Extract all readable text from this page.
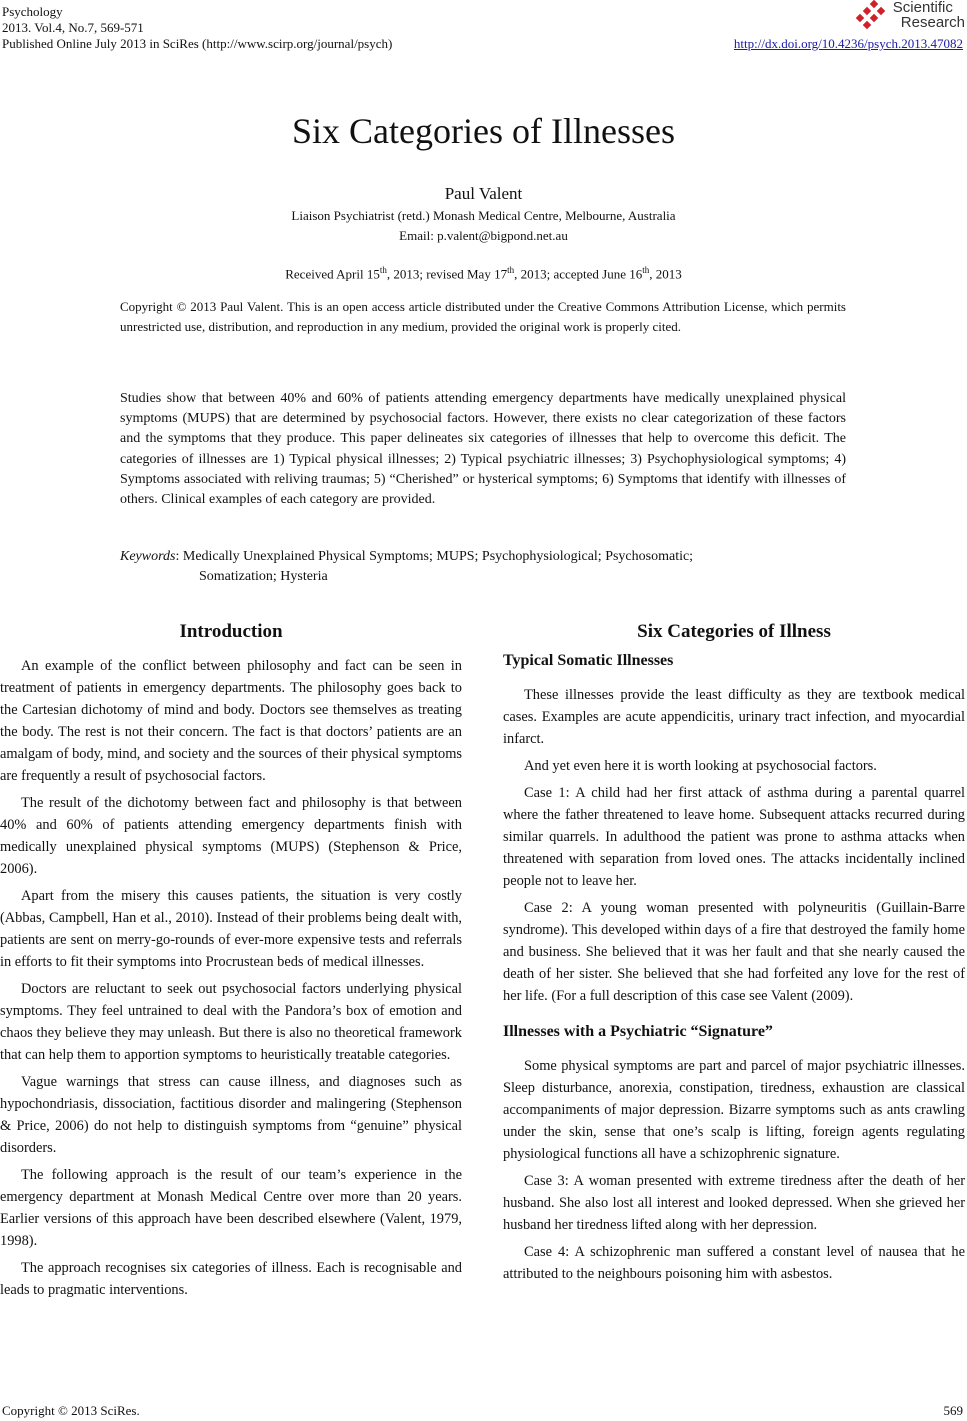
Psychology
2013. Vol.4, No.7, 569-571
Published Online July 2013 in SciRes (http://www.scirp.org/journal/psych)	http://dx.doi.org/10.4236/psych.2013.47082
Scientific
Research
Six Categories of Illnesses
Paul Valent
Liaison Psychiatrist (retd.) Monash Medical Centre, Melbourne, Australia
Email: p.valent@bigpond.net.au
Received April 15th, 2013; revised May 17th, 2013; accepted June 16th, 2013
Copyright © 2013 Paul Valent. This is an open access article distributed under the Creative Commons Attribution License, which permits unrestricted use, distribution, and reproduction in any medium, provided the original work is properly cited.
Studies show that between 40% and 60% of patients attending emergency departments have medically unexplained physical symptoms (MUPS) that are determined by psychosocial factors. However, there exists no clear categorization of these factors and the symptoms that they produce. This paper delineates six categories of illnesses that help to overcome this deficit. The categories of illnesses are 1) Typical physical illnesses; 2) Typical psychiatric illnesses; 3) Psychophysiological symptoms; 4) Symptoms associated with reliving traumas; 5) “Cherished” or hysterical symptoms; 6) Symptoms that identify with illnesses of others. Clinical examples of each category are provided.
Keywords: Medically Unexplained Physical Symptoms; MUPS; Psychophysiological; Psychosomatic;
Somatization; Hysteria
Introduction

An example of the conflict between philosophy and fact can be seen in treatment of patients in emergency departments. The philosophy goes back to the Cartesian dichotomy of mind and body. Doctors see themselves as treating the body. The rest is not their concern. The fact is that doctors’ patients are an amalgam of body, mind, and society and the sources of their physical symptoms are frequently a result of psychosocial factors.

The result of the dichotomy between fact and philosophy is that between 40% and 60% of patients attending emergency departments finish with medically unexplained physical symptoms (MUPS) (Stephenson & Price, 2006).

Apart from the misery this causes patients, the situation is very costly (Abbas, Campbell, Han et al., 2010). Instead of their problems being dealt with, patients are sent on merry-go-rounds of ever-more expensive tests and referrals in efforts to fit their symptoms into Procrustean beds of medical illnesses.

Doctors are reluctant to seek out psychosocial factors underlying physical symptoms. They feel untrained to deal with the Pandora’s box of emotion and chaos they believe they may unleash. But there is also no theoretical framework that can help them to apportion symptoms to heuristically treatable categories.

Vague warnings that stress can cause illness, and diagnoses such as hypochondriasis, dissociation, factitious disorder and malingering (Stephenson & Price, 2006) do not help to distinguish symptoms from “genuine” physical disorders.

The following approach is the result of our team’s experience in the emergency department at Monash Medical Centre over more than 20 years. Earlier versions of this approach have been described elsewhere (Valent, 1979, 1998).

The approach recognises six categories of illness. Each is recognisable and leads to pragmatic interventions.

Six Categories of Illness
Typical Somatic Illnesses

These illnesses provide the least difficulty as they are textbook medical cases. Examples are acute appendicitis, urinary tract infection, and myocardial infarct.

And yet even here it is worth looking at psychosocial factors.

Case 1: A child had her first attack of asthma during a parental quarrel where the father threatened to leave home. Subsequent attacks recurred during similar quarrels. In adulthood the patient was prone to asthma attacks when threatened with separation from loved ones. The attacks incidentally inclined people not to leave her.

Case 2: A young woman presented with polyneuritis (Guillain-Barre syndrome). This developed within days of a fire that destroyed the family home and business. She believed that it was her fault and that she nearly caused the death of her sister. She believed that she had forfeited any love for the rest of her life. (For a full description of this case see Valent (2009).

Illnesses with a Psychiatric “Signature”

Some physical symptoms are part and parcel of major psychiatric illnesses. Sleep disturbance, anorexia, constipation, tiredness, exhaustion are classical accompaniments of major depression. Bizarre symptoms such as ants crawling under the skin, sense that one’s scalp is lifting, foreign agents regulating physiological functions all have a schizophrenic signature.

Case 3: A woman presented with extreme tiredness after the death of her husband. She also lost all interest and looked depressed. When she grieved her husband her tiredness lifted along with her depression.

Case 4: A schizophrenic man suffered a constant level of nausea that he attributed to the neighbours poisoning him with asbestos.

Copyright © 2013 SciRes.	569
